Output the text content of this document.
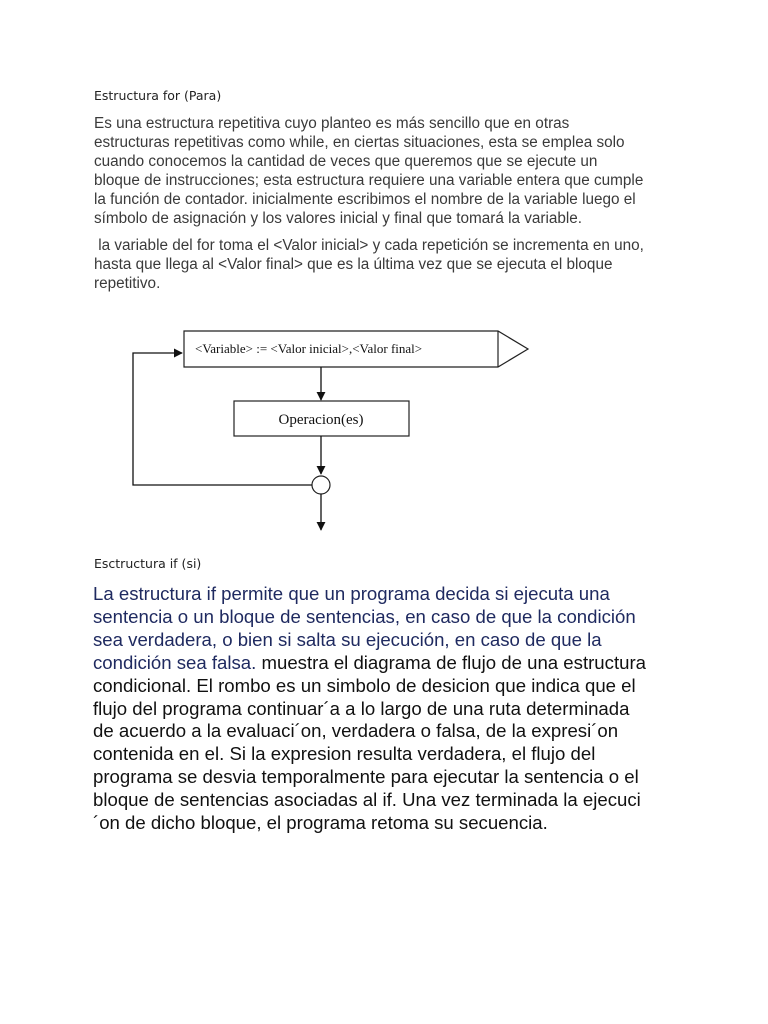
Estructura for (Para)
Es una estructura repetitiva cuyo planteo es más sencillo que en otras
estructuras repetitivas como while, en ciertas situaciones, esta se emplea solo
cuando conocemos la cantidad de veces que queremos que se ejecute un
bloque de instrucciones; esta estructura requiere una variable entera que cumple
la función de contador. inicialmente escribimos el nombre de la variable luego el
símbolo de asignación y los valores inicial y final que tomará la variable.
la variable del for toma el <Valor inicial> y cada repetición se incrementa en uno,
hasta que llega al <Valor final> que es la última vez que se ejecuta el bloque
repetitivo.
<Variable> := <Valor inicial>,<Valor final>
Operacion(es)
Esctructura if (si)
La estructura if permite que un programa decida si ejecuta una
sentencia o un bloque de sentencias, en caso de que la condición
sea verdadera, o bien si salta su ejecución, en caso de que la
condición sea falsa. muestra el diagrama de flujo de una estructura
condicional. El rombo es un simbolo de desicion que indica que el
flujo del programa continuar´a a lo largo de una ruta determinada
de acuerdo a la evaluaci´on, verdadera o falsa, de la expresi´on
contenida en el. Si la expresion resulta verdadera, el flujo del
programa se desvia temporalmente para ejecutar la sentencia o el
bloque de sentencias asociadas al if. Una vez terminada la ejecuci
´on de dicho bloque, el programa retoma su secuencia.
